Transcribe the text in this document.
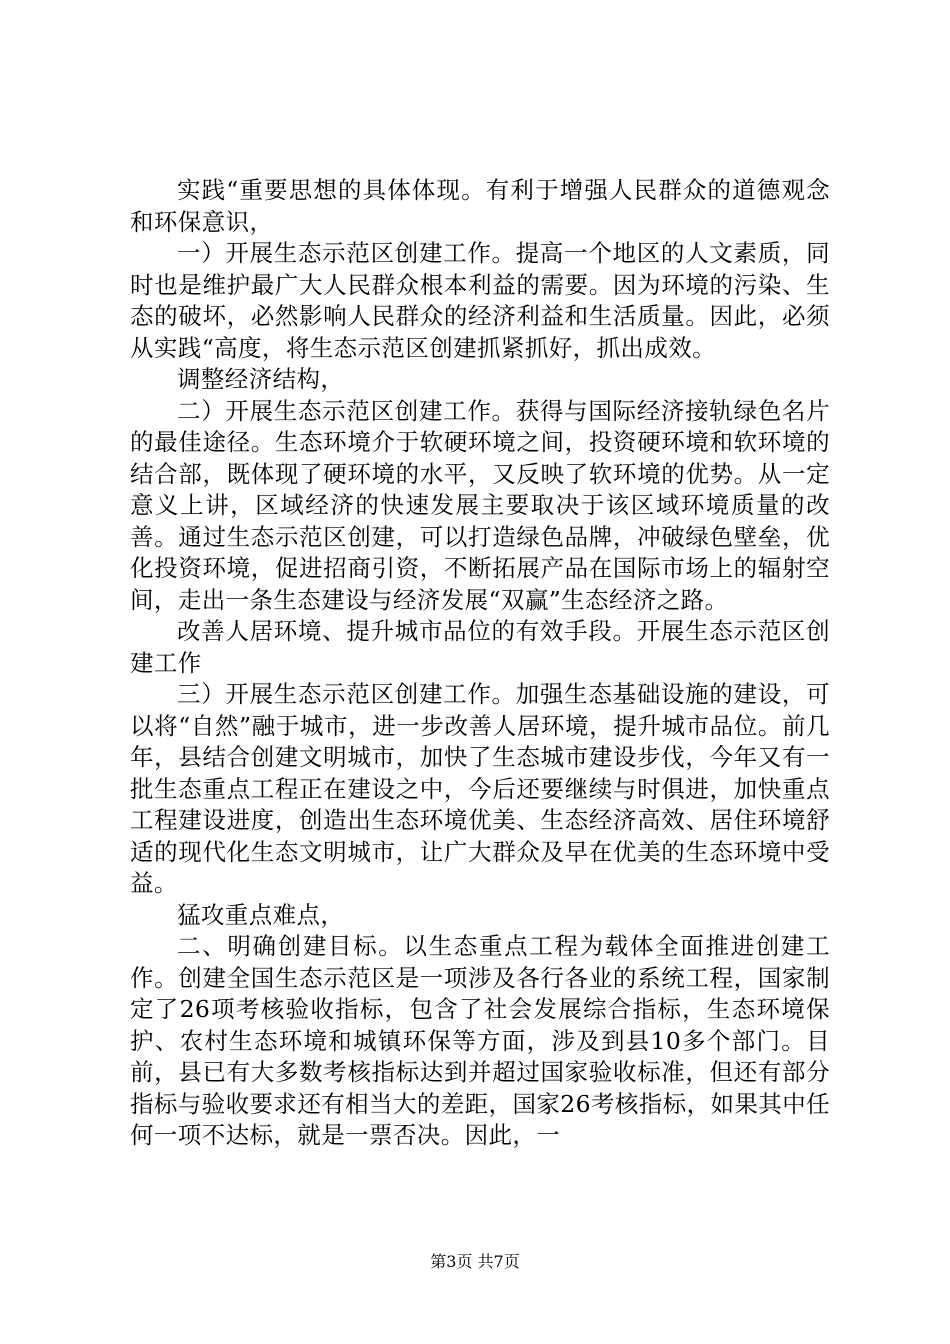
实践“重要思想的具体体现。有利于增强人民群众的道德观念和环保意识，

一）开展生态示范区创建工作。提高一个地区的人文素质，同时也是维护最广大人民群众根本利益的需要。因为环境的污染、生态的破坏，必然影响人民群众的经济利益和生活质量。因此，必须从实践“高度，将生态示范区创建抓紧抓好，抓出成效。

调整经济结构，

二）开展生态示范区创建工作。获得与国际经济接轨绿色名片的最佳途径。生态环境介于软硬环境之间，投资硬环境和软环境的结合部，既体现了硬环境的水平，又反映了软环境的优势。从一定意义上讲，区域经济的快速发展主要取决于该区域环境质量的改善。通过生态示范区创建，可以打造绿色品牌，冲破绿色壁垒，优化投资环境，促进招商引资，不断拓展产品在国际市场上的辐射空间，走出一条生态建设与经济发展“双赢”生态经济之路。

改善人居环境、提升城市品位的有效手段。开展生态示范区创建工作

三）开展生态示范区创建工作。加强生态基础设施的建设，可以将“自然”融于城市，进一步改善人居环境，提升城市品位。前几年，县结合创建文明城市，加快了生态城市建设步伐，今年又有一批生态重点工程正在建设之中，今后还要继续与时俱进，加快重点工程建设进度，创造出生态环境优美、生态经济高效、居住环境舒适的现代化生态文明城市，让广大群众及早在优美的生态环境中受益。

猛攻重点难点，

二、明确创建目标。以生态重点工程为载体全面推进创建工作。创建全国生态示范区是一项涉及各行各业的系统工程，国家制定了26项考核验收指标，包含了社会发展综合指标，生态环境保护、农村生态环境和城镇环保等方面，涉及到县10多个部门。目前，县已有大多数考核指标达到并超过国家验收标准，但还有部分指标与验收要求还有相当大的差距，国家26考核指标，如果其中任何一项不达标，就是一票否决。因此，一

第3页 共7页
